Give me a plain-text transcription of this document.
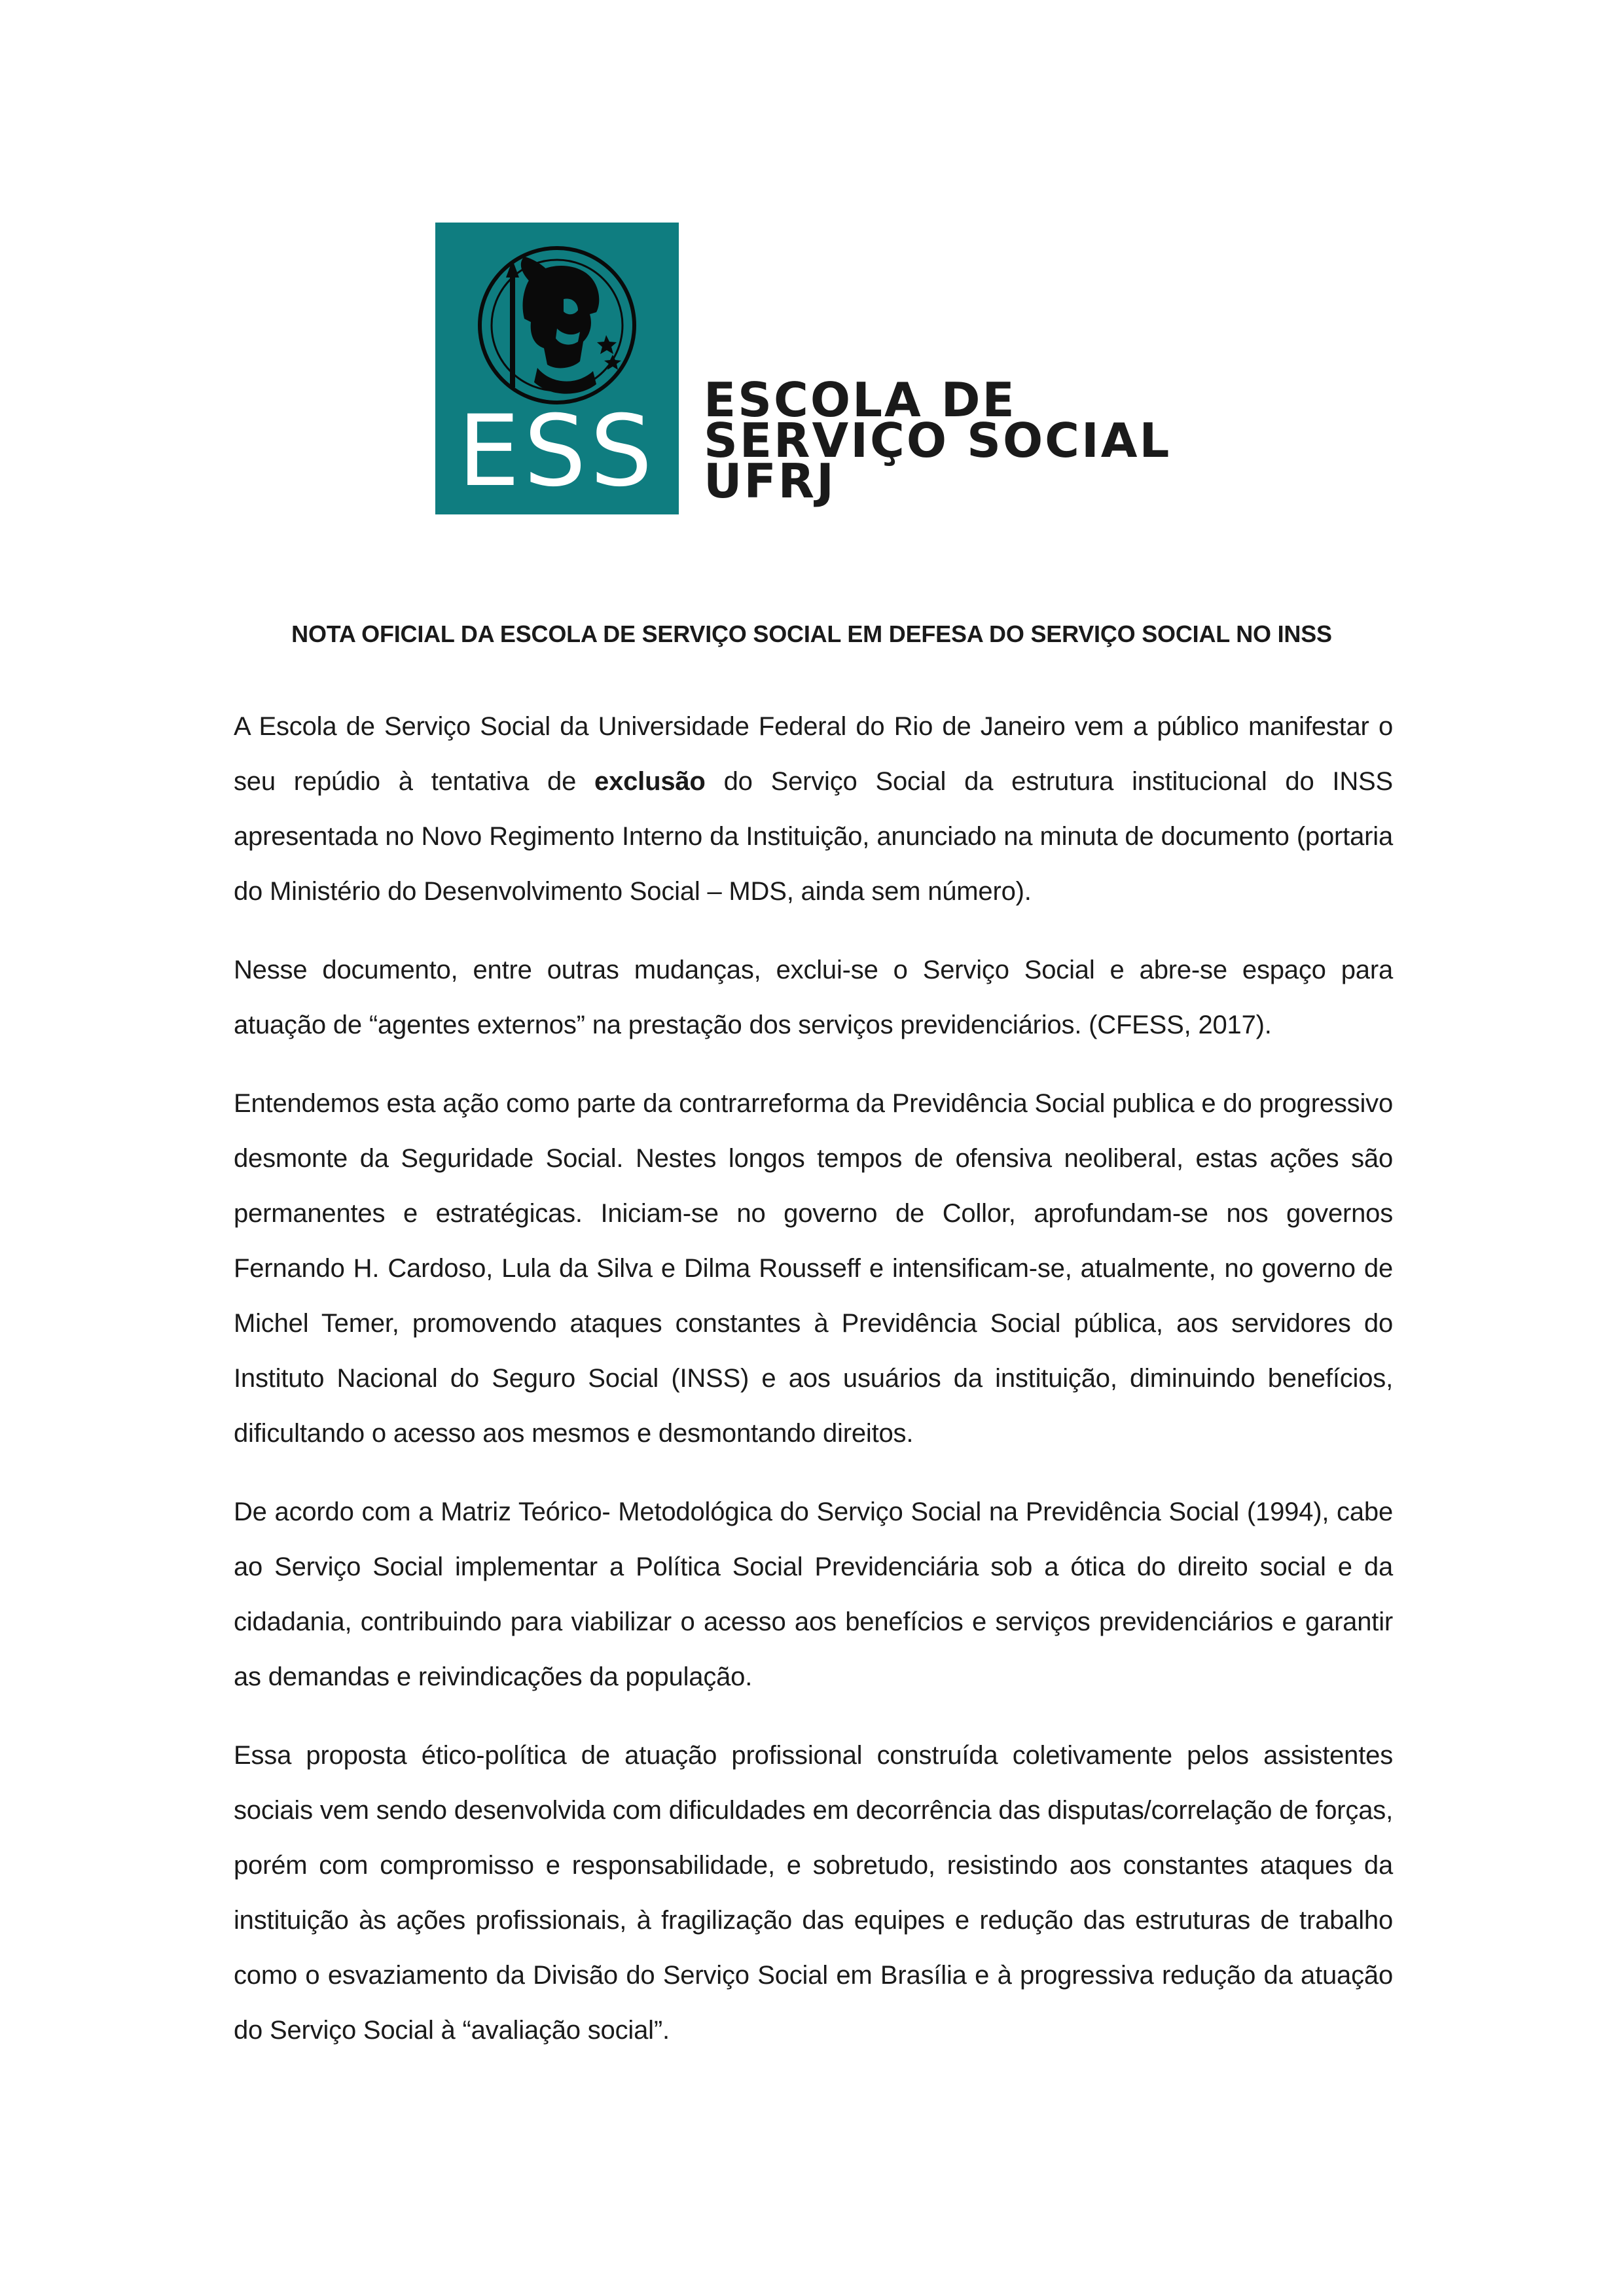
ESS	ESCOLA DE
SERVIÇO SOCIAL
UFRJ
NOTA OFICIAL DA ESCOLA DE SERVIÇO SOCIAL EM DEFESA DO SERVIÇO SOCIAL NO INSS

A Escola de Serviço Social da Universidade Federal do Rio de Janeiro vem a público manifestar o seu repúdio à tentativa de exclusão do Serviço Social da estrutura institucional do INSS apresentada no Novo Regimento Interno da Instituição, anunciado na minuta de documento (portaria do Ministério do Desenvolvimento Social – MDS, ainda sem número).

Nesse documento, entre outras mudanças, exclui-se o Serviço Social e abre-se espaço para atuação de “agentes externos” na prestação dos serviços previdenciários. (CFESS, 2017).

Entendemos esta ação como parte da contrarreforma da Previdência Social publica e do progressivo desmonte da Seguridade Social. Nestes longos tempos de ofensiva neoliberal, estas ações são permanentes e estratégicas. Iniciam-se no governo de Collor, aprofundam-se nos governos Fernando H. Cardoso, Lula da Silva e Dilma Rousseff e intensificam-se, atualmente, no governo de Michel Temer, promovendo ataques constantes à Previdência Social pública, aos servidores do Instituto Nacional do Seguro Social (INSS) e aos usuários da instituição, diminuindo benefícios, dificultando o acesso aos mesmos e desmontando direitos.

De acordo com a Matriz Teórico- Metodológica do Serviço Social na Previdência Social (1994), cabe ao Serviço Social implementar a Política Social Previdenciária sob a ótica do direito social e da cidadania, contribuindo para viabilizar o acesso aos benefícios e serviços previdenciários e garantir as demandas e reivindicações da população.

Essa proposta ético-política de atuação profissional construída coletivamente pelos assistentes sociais vem sendo desenvolvida com dificuldades em decorrência das disputas/correlação de forças, porém com compromisso e responsabilidade, e sobretudo, resistindo aos constantes ataques da instituição às ações profissionais, à fragilização das equipes e redução das estruturas de trabalho como o esvaziamento da Divisão do Serviço Social em Brasília e à progressiva redução da atuação do Serviço Social à “avaliação social”.
